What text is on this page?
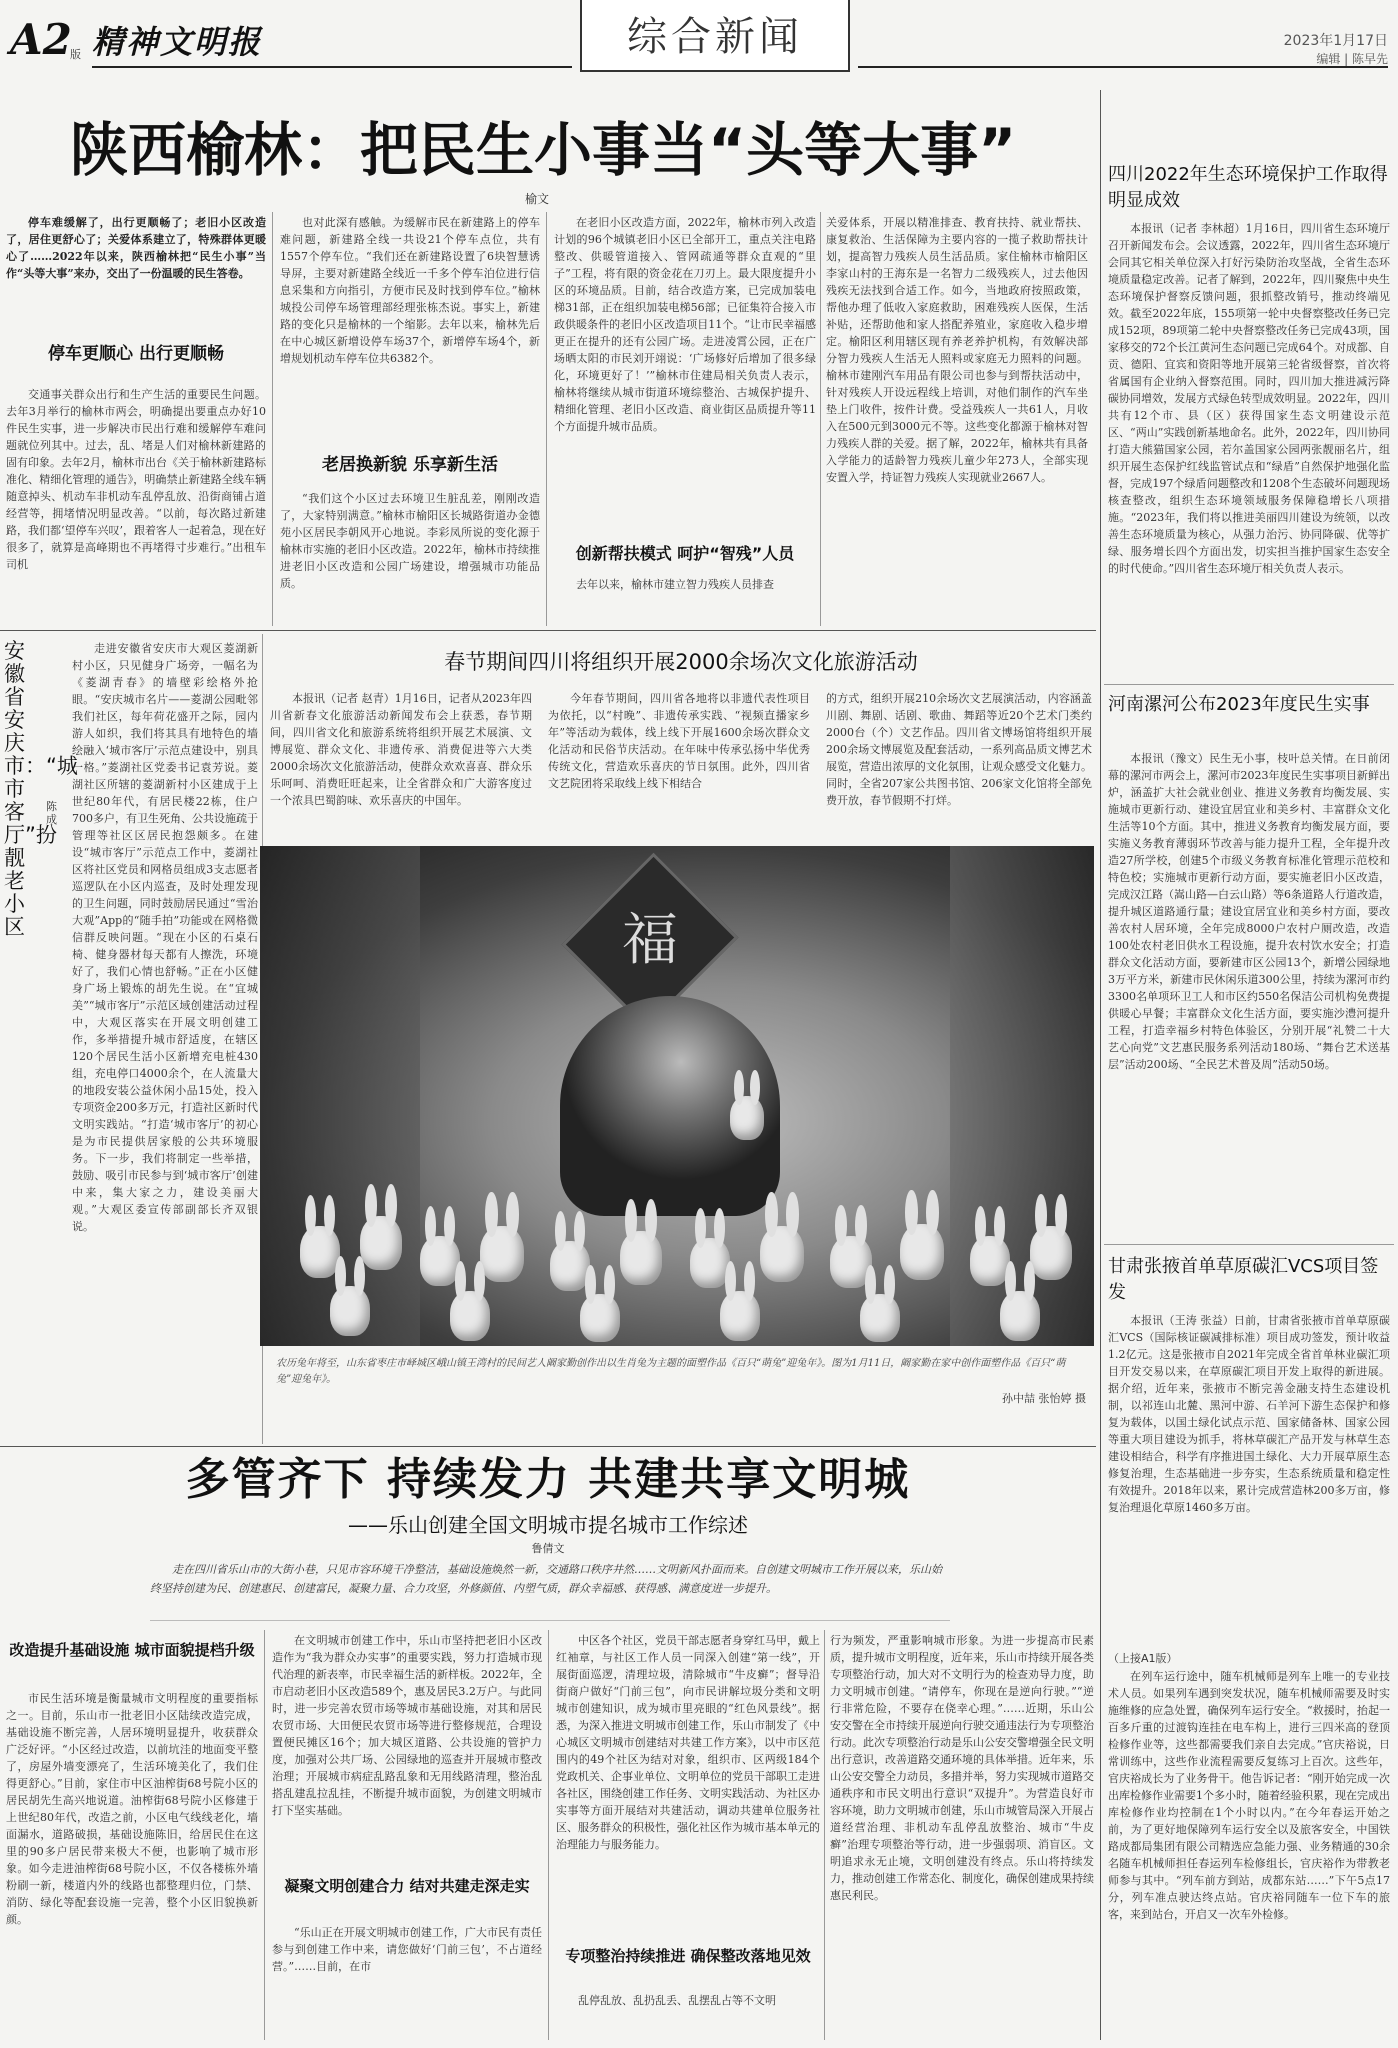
A2
版 精神文明报	综合新闻	2023年1月17日
编辑 | 陈早先
陕西榆林：把民生小事当“头等大事”
榆文
停车难缓解了，出行更顺畅了；老旧小区改造了，居住更舒心了；关爱体系建立了，特殊群体更暖心了……2022年以来，陕西榆林把“民生小事”当作“头等大事”来办，交出了一份温暖的民生答卷。
停车更顺心 出行更顺畅
交通事关群众出行和生产生活的重要民生问题。去年3月举行的榆林市两会，明确提出要重点办好10件民生实事，进一步解决市民出行难和缓解停车难问题就位列其中。过去，乱、堵是人们对榆林新建路的固有印象。去年2月，榆林市出台《关于榆林新建路标准化、精细化管理的通告》，明确禁止新建路全线车辆随意掉头、机动车非机动车乱停乱放、沿街商铺占道经营等，拥堵情况明显改善。“以前，每次路过新建路，我们都‘望停车兴叹’，跟着客人一起着急，现在好很多了，就算是高峰期也不再堵得寸步难行。”出租车司机
也对此深有感触。为缓解市民在新建路上的停车难问题，新建路全线一共设21个停车点位，共有1557个停车位。“我们还在新建路设置了6块智慧诱导屏，主要对新建路全线近一千多个停车泊位进行信息采集和方向指引，方便市民及时找到停车位。”榆林城投公司停车场管理部经理张栋杰说。事实上，新建路的变化只是榆林的一个缩影。去年以来，榆林先后在中心城区新增设停车场37个，新增停车场4个，新增规划机动车停车位共6382个。
老居换新貌 乐享新生活
“我们这个小区过去环境卫生脏乱差，刚刚改造了，大家特别满意。”榆林市榆阳区长城路街道办金德苑小区居民李朝风开心地说。李彩凤所说的变化源于榆林市实施的老旧小区改造。2022年，榆林市持续推进老旧小区改造和公园广场建设，增强城市功能品质。
在老旧小区改造方面，2022年，榆林市列入改造计划的96个城镇老旧小区已全部开工，重点关注电路整改、供暖管道接入、管网疏通等群众直观的“里子”工程，将有限的资金花在刀刃上。最大限度提升小区的环境品质。目前，结合改造方案，已完成加装电梯31部，正在组织加装电梯56部；已征集符合接入市政供暖条件的老旧小区改造项目11个。“让市民幸福感更正在提升的还有公园广场。走进凌霄公园，正在广场晒太阳的市民刘开翊说：‘广场修好后增加了很多绿化，环境更好了！’”榆林市住建局相关负责人表示，榆林将继续从城市街道环境综整治、古城保护提升、精细化管理、老旧小区改造、商业街区品质提升等11个方面提升城市品质。
创新帮扶模式 呵护“智残”人员
去年以来，榆林市建立智力残疾人员排查
关爱体系，开展以精准排查、教育扶持、就业帮扶、康复救治、生活保障为主要内容的一揽子救助帮扶计划，提高智力残疾人员生活品质。家住榆林市榆阳区李家山村的王海东是一名智力二级残疾人，过去他因残疾无法找到合适工作。如今，当地政府按照政策，帮他办理了低收入家庭救助，困难残疾人医保，生活补贴，还帮助他和家人搭配养殖业，家庭收入稳步增定。榆阳区利用辖区现有养老养护机构，有效解决部分智力残疾人生活无人照料或家庭无力照料的问题。榆林市建刚汽车用品有限公司也参与到帮扶活动中，针对残疾人开设远程线上培训，对他们制作的汽车坐垫上门收件，按件计费。受益残疾人一共61人，月收入在500元到3000元不等。这些变化都源于榆林对智力残疾人群的关爱。据了解，2022年，榆林共有具备入学能力的适龄智力残疾儿童少年273人，全部实现安置入学，持证智力残疾人实现就业2667人。
四川2022年生态环境保护工作取得明显成效
本报讯（记者 李林超）1月16日，四川省生态环境厅召开新闻发布会。会议透露，2022年，四川省生态环境厅会同其它相关单位深入打好污染防治攻坚战，全省生态环境质量稳定改善。记者了解到，2022年，四川聚焦中央生态环境保护督察反馈问题，狠抓整改销号，推动终端见效。截至2022年底，155项第一轮中央督察整改任务已完成152项，89项第二轮中央督察整改任务已完成43项，国家移交的72个长江黄河生态问题已完成64个。对成都、自贡、德阳、宜宾和资阳等地开展第三轮省级督察，首次将省属国有企业纳入督察范围。同时，四川加大推进减污降碳协同增效，发展方式绿色转型成效明显。2022年，四川共有12个市、县（区）获得国家生态文明建设示范区、“两山”实践创新基地命名。此外，2022年，四川协同打造大熊猫国家公园，若尔盖国家公园两张靓丽名片，组织开展生态保护红线监管试点和“绿盾”自然保护地强化监督，完成197个绿盾问题整改和1208个生态破坏问题现场核查整改，组织生态环境领域服务保障稳增长八项措施。“2023年，我们将以推进美丽四川建设为统领，以改善生态环境质量为核心，从强力治污、协同降碳、优等扩绿、服务增长四个方面出发，切实担当推护国家生态安全的时代使命。”四川省生态环境厅相关负责人表示。
河南漯河公布2023年度民生实事
本报讯（豫文）民生无小事，枝叶总关情。在日前闭幕的漯河市两会上，漯河市2023年度民生实事项目新鲜出炉，涵盖扩大社会就业创业、推进义务教育均衡发展、实施城市更新行动、建设宜居宜业和美乡村、丰富群众文化生活等10个方面。其中，推进义务教育均衡发展方面，要实施义务教育薄弱环节改善与能力提升工程，全年提升改造27所学校，创建5个市级义务教育标准化管理示范校和特色校；实施城市更新行动方面，要实施老旧小区改造，完成汉江路（嵩山路—白云山路）等6条道路人行道改造，提升城区道路通行量；建设宜居宜业和美乡村方面，要改善农村人居环境，全年完成8000户农村户厕改造，改造100处农村老旧供水工程设施，提升农村饮水安全；打造群众文化活动方面，要新建市区公园13个，新增公园绿地3万平方米，新建市民休闲乐道300公里，持续为漯河市约3300名单项环卫工人和市区约550名保洁公司机构免费提供暖心早餐；丰富群众文化生活方面，要实施沙澧河提升工程，打造幸福乡村特色体验区，分别开展“礼赞二十大 艺心向党”文艺惠民服务系列活动180场、“舞台艺术送基层”活动200场、“全民艺术普及周”活动50场。
甘肃张掖首单草原碳汇VCS项目签发
本报讯（王涛 张益）日前，甘肃省张掖市首单草原碳汇VCS（国际核证碳减排标准）项目成功签发，预计收益1.2亿元。这是张掖市自2021年完成全省首单林业碳汇项目开发交易以来，在草原碳汇项目开发上取得的新进展。据介绍，近年来，张掖市不断完善金融支持生态建设机制，以祁连山北麓、黑河中游、石羊河下游生态保护和修复为载体，以国土绿化试点示范、国家储备林、国家公园等重大项目建设为抓手，将林草碳汇产品开发与林草生态建设相结合，科学有序推进国土绿化、大力开展草原生态修复治理，生态基础进一步夯实，生态系统质量和稳定性有效提升。2018年以来，累计完成营造林200多万亩，修复治理退化草原1460多万亩。
（上接A1版）
在列车运行途中，随车机械师是列车上唯一的专业技术人员。如果列车遇到突发状况，随车机械师需要及时实施维修的应急处置，确保列车运行安全。“救援时，抬起一百多斤重的过渡钩连挂在电车构上，进行三四米高的登顶检修作业等，这些都需要我们亲自去完成。”官庆裕说，日常训练中，这些作业流程需要反复练习上百次。这些年，官庆裕成长为了业务骨干。他告诉记者：“刚开始完成一次出库检修作业需要1个多小时，随着经验积累，现在完成出库检修作业均控制在1个小时以内。”在今年春运开始之前，为了更好地保障列车运行安全以及旅客安全，中国铁路成都局集团有限公司精选应急能力强、业务精通的30余名随车机械师担任春运列车检修组长，官庆裕作为带教老师参与其中。“列车前方到站，成都东站……”下午5点17分，列车准点驶达终点站。官庆裕同随车一位下车的旅客，来到站台，开启又一次车外检修。
安徽省安庆市：“城市客厅”扮靓老小区
陈成
走进安徽省安庆市大观区菱湖新村小区，只见健身广场旁，一幅名为《菱湖青春》的墙壁彩绘格外抢眼。“安庆城市名片——菱湖公园毗邻我们社区，每年荷花盛开之际，园内游人如织，我们将其具有地特色的墙绘融入‘城市客厅’示范点建设中，别具一格。”菱湖社区党委书记袁芳说。菱湖社区所辖的菱湖新村小区建成于上世纪80年代，有居民楼22栋，住户700多户，有卫生死角、公共设施疏于管理等社区区居民抱怨颇多。在建设“城市客厅”示范点工作中，菱湖社区将社区党员和网格员组成3支志愿者巡逻队在小区内巡查，及时处理发现的卫生问题，同时鼓励居民通过“雪治大观”App的“随手拍”功能或在网格微信群反映问题。“现在小区的石桌石椅、健身器材每天都有人擦洗，环境好了，我们心情也舒畅。”正在小区健身广场上锻炼的胡先生说。在“宜城美”“城市客厅”示范区域创建活动过程中，大观区落实在开展文明创建工作，多举措提升城市舒适度，在辖区120个居民生活小区新增充电桩430组，充电停口4000余个，在人流量大的地段安装公益休闲小品15处，投入专项资金200多万元，打造社区新时代文明实践站。“打造‘城市客厅’的初心是为市民提供居家般的公共环境服务。下一步，我们将制定一些举措，鼓励、吸引市民参与到‘城市客厅’创建中来，集大家之力，建设美丽大观。”大观区委宣传部副部长齐双银说。
春节期间四川将组织开展2000余场次文化旅游活动
本报讯（记者 赵青）1月16日，记者从2023年四川省新春文化旅游活动新闻发布会上获悉，春节期间，四川省文化和旅游系统将组织开展艺术展演、文博展览、群众文化、非遗传承、消费促进等六大类2000余场次文化旅游活动，使群众欢欢喜喜、群众乐乐呵呵、消费旺旺起来，让全省群众和广大游客度过一个浓具巴蜀韵味、欢乐喜庆的中国年。
今年春节期间，四川省各地将以非遗代表性项目为依托，以“村晚”、非遗传承实践、“视频直播家乡年”等活动为载体，线上线下开展1600余场次群众文化活动和民俗节庆活动。在年味中传承弘扬中华优秀传统文化，营造欢乐喜庆的节日氛围。此外，四川省文艺院团将采取线上线下相结合
的方式，组织开展210余场次文艺展演活动，内容涵盖川剧、舞剧、话剧、歌曲、舞蹈等近20个艺术门类约2000台（个）文艺作品。四川省文博场馆将组织开展200余场文博展览及配套活动，一系列高品质文博艺术展览，营造出浓厚的文化氛围，让观众感受文化魅力。同时，全省207家公共图书馆、206家文化馆将全部免费开放，春节假期不打烊。
福
农历兔年将至，山东省枣庄市峄城区峨山镇王湾村的民间艺人阚家勤创作出以生肖兔为主题的面塑作品《百只“萌兔”迎兔年》。图为1月11日，阚家勤在家中创作面塑作品《百只“萌兔”迎兔年》。
孙中喆 张怡婷 摄
多管齐下 持续发力 共建共享文明城
——乐山创建全国文明城市提名城市工作综述
鲁倩文
走在四川省乐山市的大街小巷，只见市容环境干净整洁，基础设施焕然一新，交通路口秩序井然……文明新风扑面而来。自创建文明城市工作开展以来，乐山始终坚持创建为民、创建惠民、创建富民，凝聚力量、合力攻坚，外修颜值、内塑气质，群众幸福感、获得感、满意度进一步提升。
改造提升基础设施 城市面貌提档升级
市民生活环境是衡量城市文明程度的重要指标之一。目前，乐山市一批老旧小区陆续改造完成，基础设施不断完善，人居环境明显提升，收获群众广泛好评。“小区经过改造，以前坑洼的地面变平整了，房屋外墙变漂亮了，生活环境美化了，我们住得更舒心。”目前，家住市中区油榨街68号院小区的居民胡先生高兴地说道。油榨街68号院小区修建于上世纪80年代，改造之前，小区电气线线老化，墙面漏水，道路破损，基础设施陈旧，给居民住在这里的90多户居民带来极大不便，也影响了城市形象。如今走进油榨街68号院小区，不仅各楼栋外墙粉刷一新，楼道内外的线路也都整理归位，门禁、消防、绿化等配套设施一完善，整个小区旧貌换新颜。
在文明城市创建工作中，乐山市坚持把老旧小区改造作为“我为群众办实事”的重要实践，努力打造城市现代治理的新表率，市民幸福生活的新样板。2022年，全市启动老旧小区改造589个，惠及居民3.2万户。与此同时，进一步完善农贸市场等城市基础设施，对其和居民农贸市场、大田便民农贸市场等进行整修规范，合理设置便民摊区16个；加大城区道路、公共设施的管护力度，加强对公共厂场、公园绿地的巡查并开展城市整改治理；开展城市病症乱路乱象和无用线路清理，整治乱搭乱建乱拉乱挂，不断提升城市面貌，为创建文明城市打下坚实基础。
凝聚文明创建合力 结对共建走深走实
“乐山正在开展文明城市创建工作，广大市民有责任参与到创建工作中来，请您做好‘门前三包’，不占道经营。”……目前，在市
中区各个社区，党员干部志愿者身穿红马甲，戴上红袖章，与社区工作人员一同深入创建“第一线”，开展街面巡逻，清理垃圾，清除城市“牛皮癣”；督导沿街商户做好“门前三包”，向市民讲解垃圾分类和文明城市创建知识，成为城市里亮眼的“红色风景线”。据悉，为深入推进文明城市创建工作，乐山市制发了《中心城区文明城市创建结对共建工作方案》，以中市区范围内的49个社区为结对对象，组织市、区两级184个党政机关、企事业单位、文明单位的党员干部职工走进各社区，围绕创建工作任务、文明实践活动、为社区办实事等方面开展结对共建活动，调动共建单位服务社区、服务群众的积极性，强化社区作为城市基本单元的治理能力与服务能力。
专项整治持续推进 确保整改落地见效
乱停乱放、乱扔乱丢、乱摆乱占等不文明
行为频发，严重影响城市形象。为进一步提高市民素质，提升城市文明程度，近年来，乐山市持续开展各类专项整治行动，加大对不文明行为的检查劝导力度，助力文明城市创建。“请停车，你现在是逆向行驶。”“逆行非常危险，不要存在侥幸心理。”……近期，乐山公安交警在全市持续开展逆向行驶交通违法行为专项整治行动。此次专项整治行动是乐山公安交警增强全民文明出行意识，改善道路交通环境的具体举措。近年来，乐山公安交警全力动员，多措并举，努力实现城市道路交通秩序和市民文明出行意识“双提升”。为营造良好市容环境，助力文明城市创建，乐山市城管局深入开展占道经营治理、非机动车乱停乱放整治、城市“牛皮癣”治理专项整治等行动，进一步强弱项、消盲区。文明追求永无止境，文明创建没有终点。乐山将持续发力，推动创建工作常态化、制度化，确保创建成果持续惠民利民。
